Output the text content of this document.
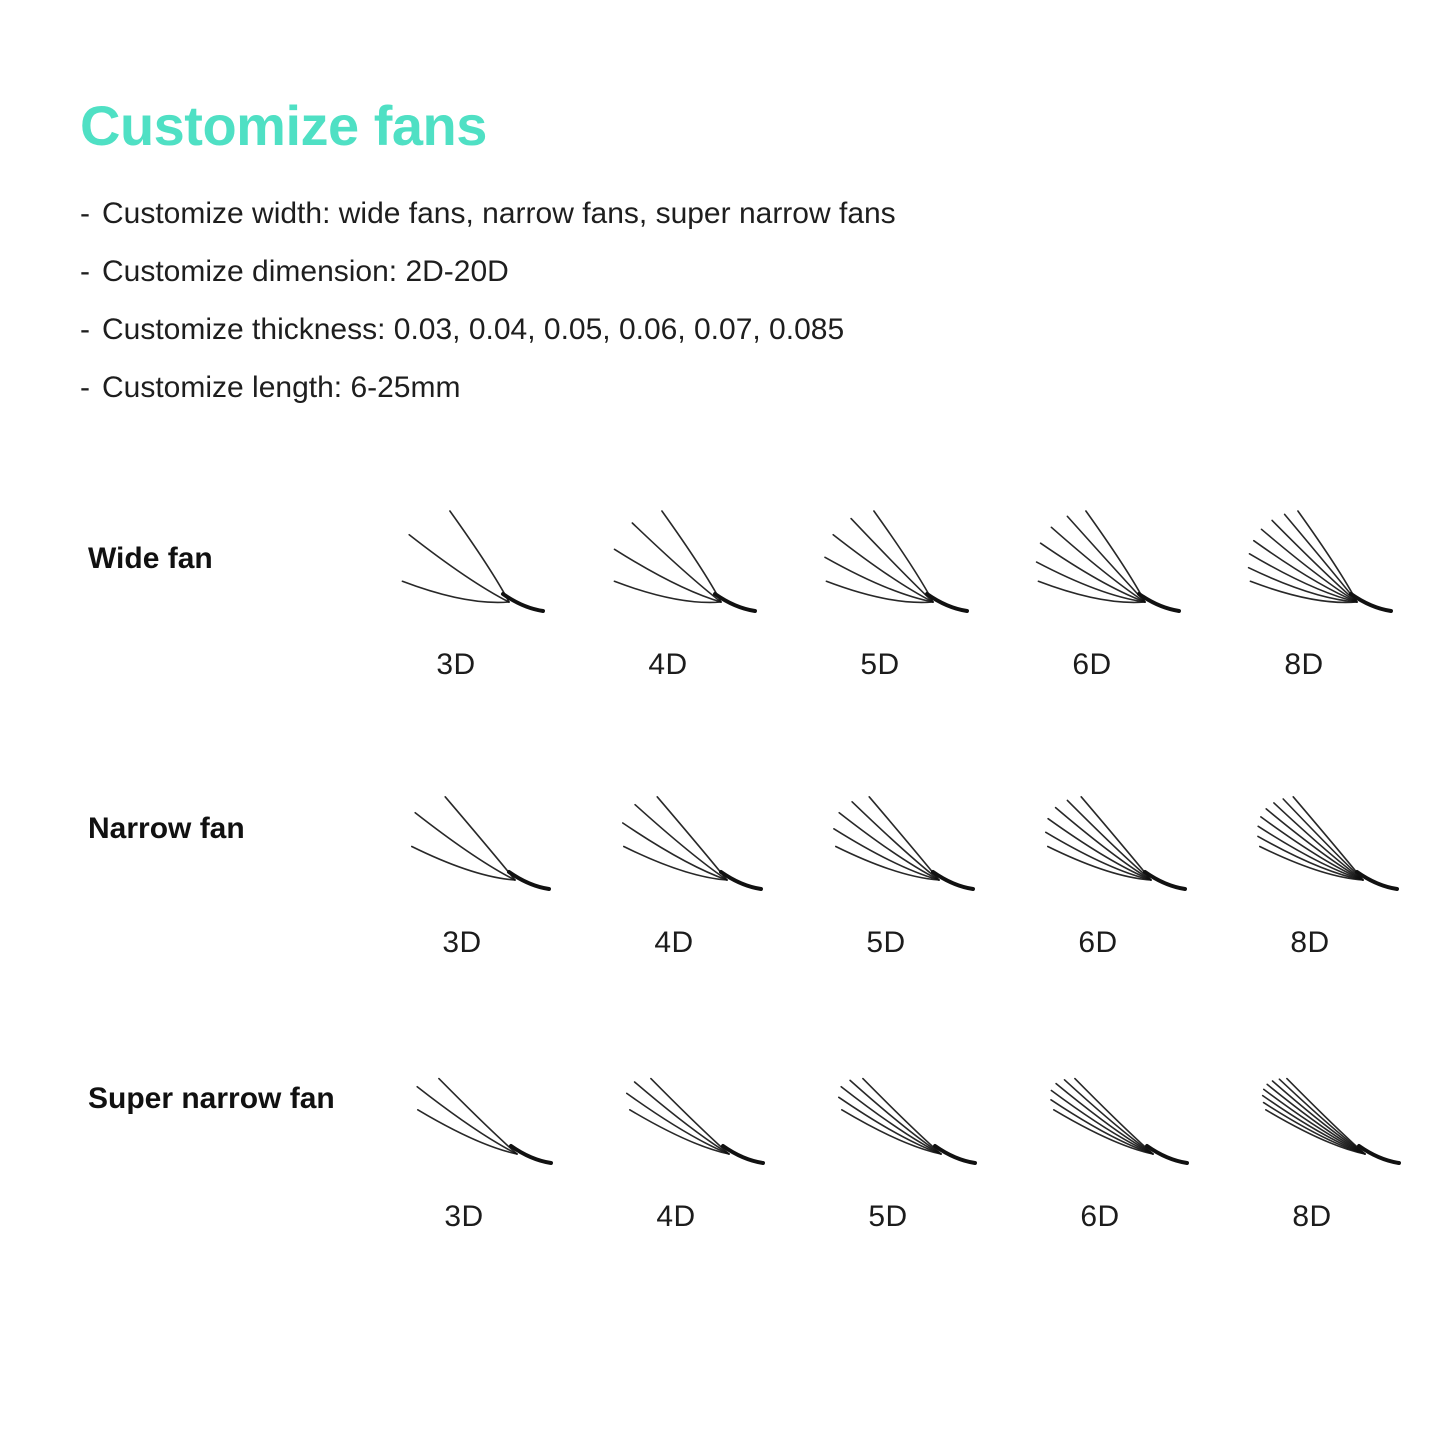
Customize fans
- Customize width: wide fans, narrow fans, super narrow fans
- Customize dimension: 2D-20D
- Customize thickness: 0.03, 0.04, 0.05, 0.06, 0.07, 0.085
- Customize length: 6-25mm
Wide fan
3D	4D	5D	6D	8D
Narrow fan
3D	4D	5D	6D	8D
Super narrow fan
3D	4D	5D	6D	8D
